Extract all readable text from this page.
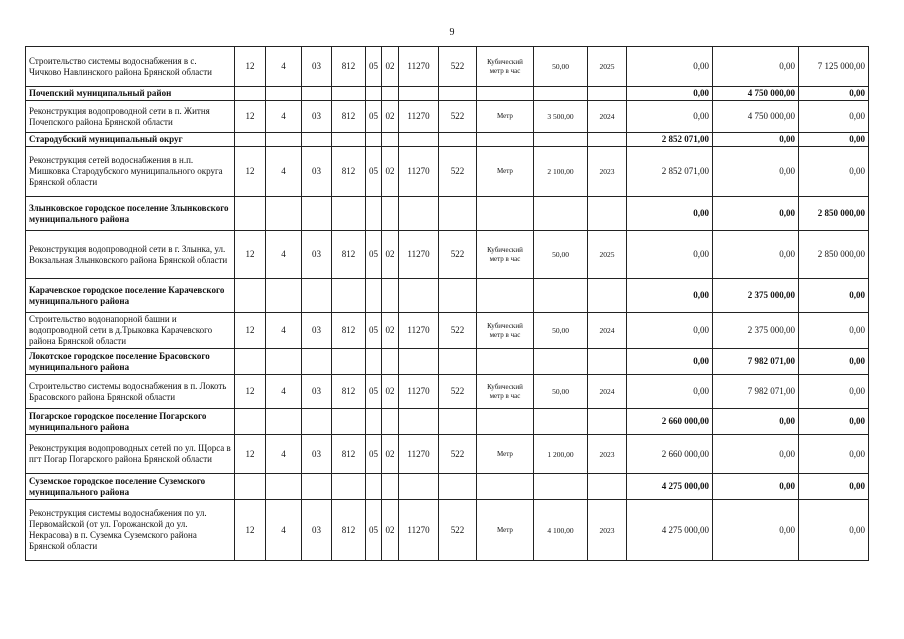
9
Строительство системы водоснабжения в с. Чичково Навлинского района Брянской области	12	4	03	812	05	02	11270	522	Кубический метр в час	50,00	2025	0,00	0,00	7 125 000,00
Почепский муниципальный район												0,00	4 750 000,00	0,00
Реконструкция водопроводной сети в п. Житня Почепского района Брянской области	12	4	03	812	05	02	11270	522	Метр	3 500,00	2024	0,00	4 750 000,00	0,00
Стародубский муниципальный округ												2 852 071,00	0,00	0,00
Реконструкция сетей водоснабжения в н.п. Мишковка Стародубского муниципального округа Брянской области	12	4	03	812	05	02	11270	522	Метр	2 100,00	2023	2 852 071,00	0,00	0,00
Злынковское городское поселение Злынковского муниципального района												0,00	0,00	2 850 000,00
Реконструкция водопроводной сети в г. Злынка, ул. Вокзальная Злынковского района Брянской области	12	4	03	812	05	02	11270	522	Кубический метр в час	50,00	2025	0,00	0,00	2 850 000,00
Карачевское городское поселение Карачевского муниципального района												0,00	2 375 000,00	0,00
Строительство водонапорной башни и водопроводной сети в д.Трыковка Карачевского района Брянской области	12	4	03	812	05	02	11270	522	Кубический метр в час	50,00	2024	0,00	2 375 000,00	0,00
Локотское городское поселение Брасовского муниципального района												0,00	7 982 071,00	0,00
Строительство системы водоснабжения в п. Локоть Брасовского района Брянской области	12	4	03	812	05	02	11270	522	Кубический метр в час	50,00	2024	0,00	7 982 071,00	0,00
Погарское городское поселение Погарского муниципального района												2 660 000,00	0,00	0,00
Реконструкция водопроводных сетей по ул. Щорса в пгт Погар Погарского района Брянской области	12	4	03	812	05	02	11270	522	Метр	1 200,00	2023	2 660 000,00	0,00	0,00
Суземское городское поселение Суземского муниципального района												4 275 000,00	0,00	0,00
Реконструкция системы водоснабжения по ул. Первомайской (от ул. Горожанской до ул. Некрасова) в п. Суземка Суземского района Брянской области	12	4	03	812	05	02	11270	522	Метр	4 100,00	2023	4 275 000,00	0,00	0,00
